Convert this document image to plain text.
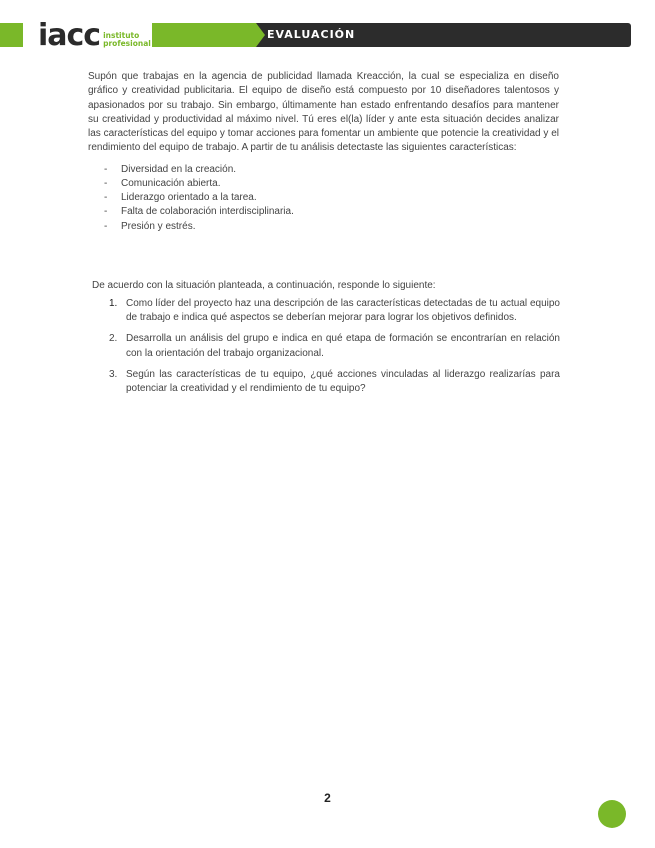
iacc instituto
profesional
EVALUACIÓN

Supón que trabajas en la agencia de publicidad llamada Kreacción, la cual se especializa en diseño gráfico y creatividad publicitaria. El equipo de diseño está compuesto por 10 diseñadores talentosos y apasionados por su trabajo. Sin embargo, últimamente han estado enfrentando desafíos para mantener su creatividad y productividad al máximo nivel. Tú eres el(la) líder y ante esta situación decides analizar las características del equipo y tomar acciones para fomentar un ambiente que potencie la creatividad y el rendimiento del equipo de trabajo. A partir de tu análisis detectaste las siguientes características:

- Diversidad en la creación.
- Comunicación abierta.
- Liderazgo orientado a la tarea.
- Falta de colaboración interdisciplinaria.
- Presión y estrés.

De acuerdo con la situación planteada, a continuación, responde lo siguiente:

1. Como líder del proyecto haz una descripción de las características detectadas de tu actual equipo de trabajo e indica qué aspectos se deberían mejorar para lograr los objetivos definidos.
2. Desarrolla un análisis del grupo e indica en qué etapa de formación se encontrarían en relación con la orientación del trabajo organizacional.
3. Según las características de tu equipo, ¿qué acciones vinculadas al liderazgo realizarías para potenciar la creatividad y el rendimiento de tu equipo?
2
